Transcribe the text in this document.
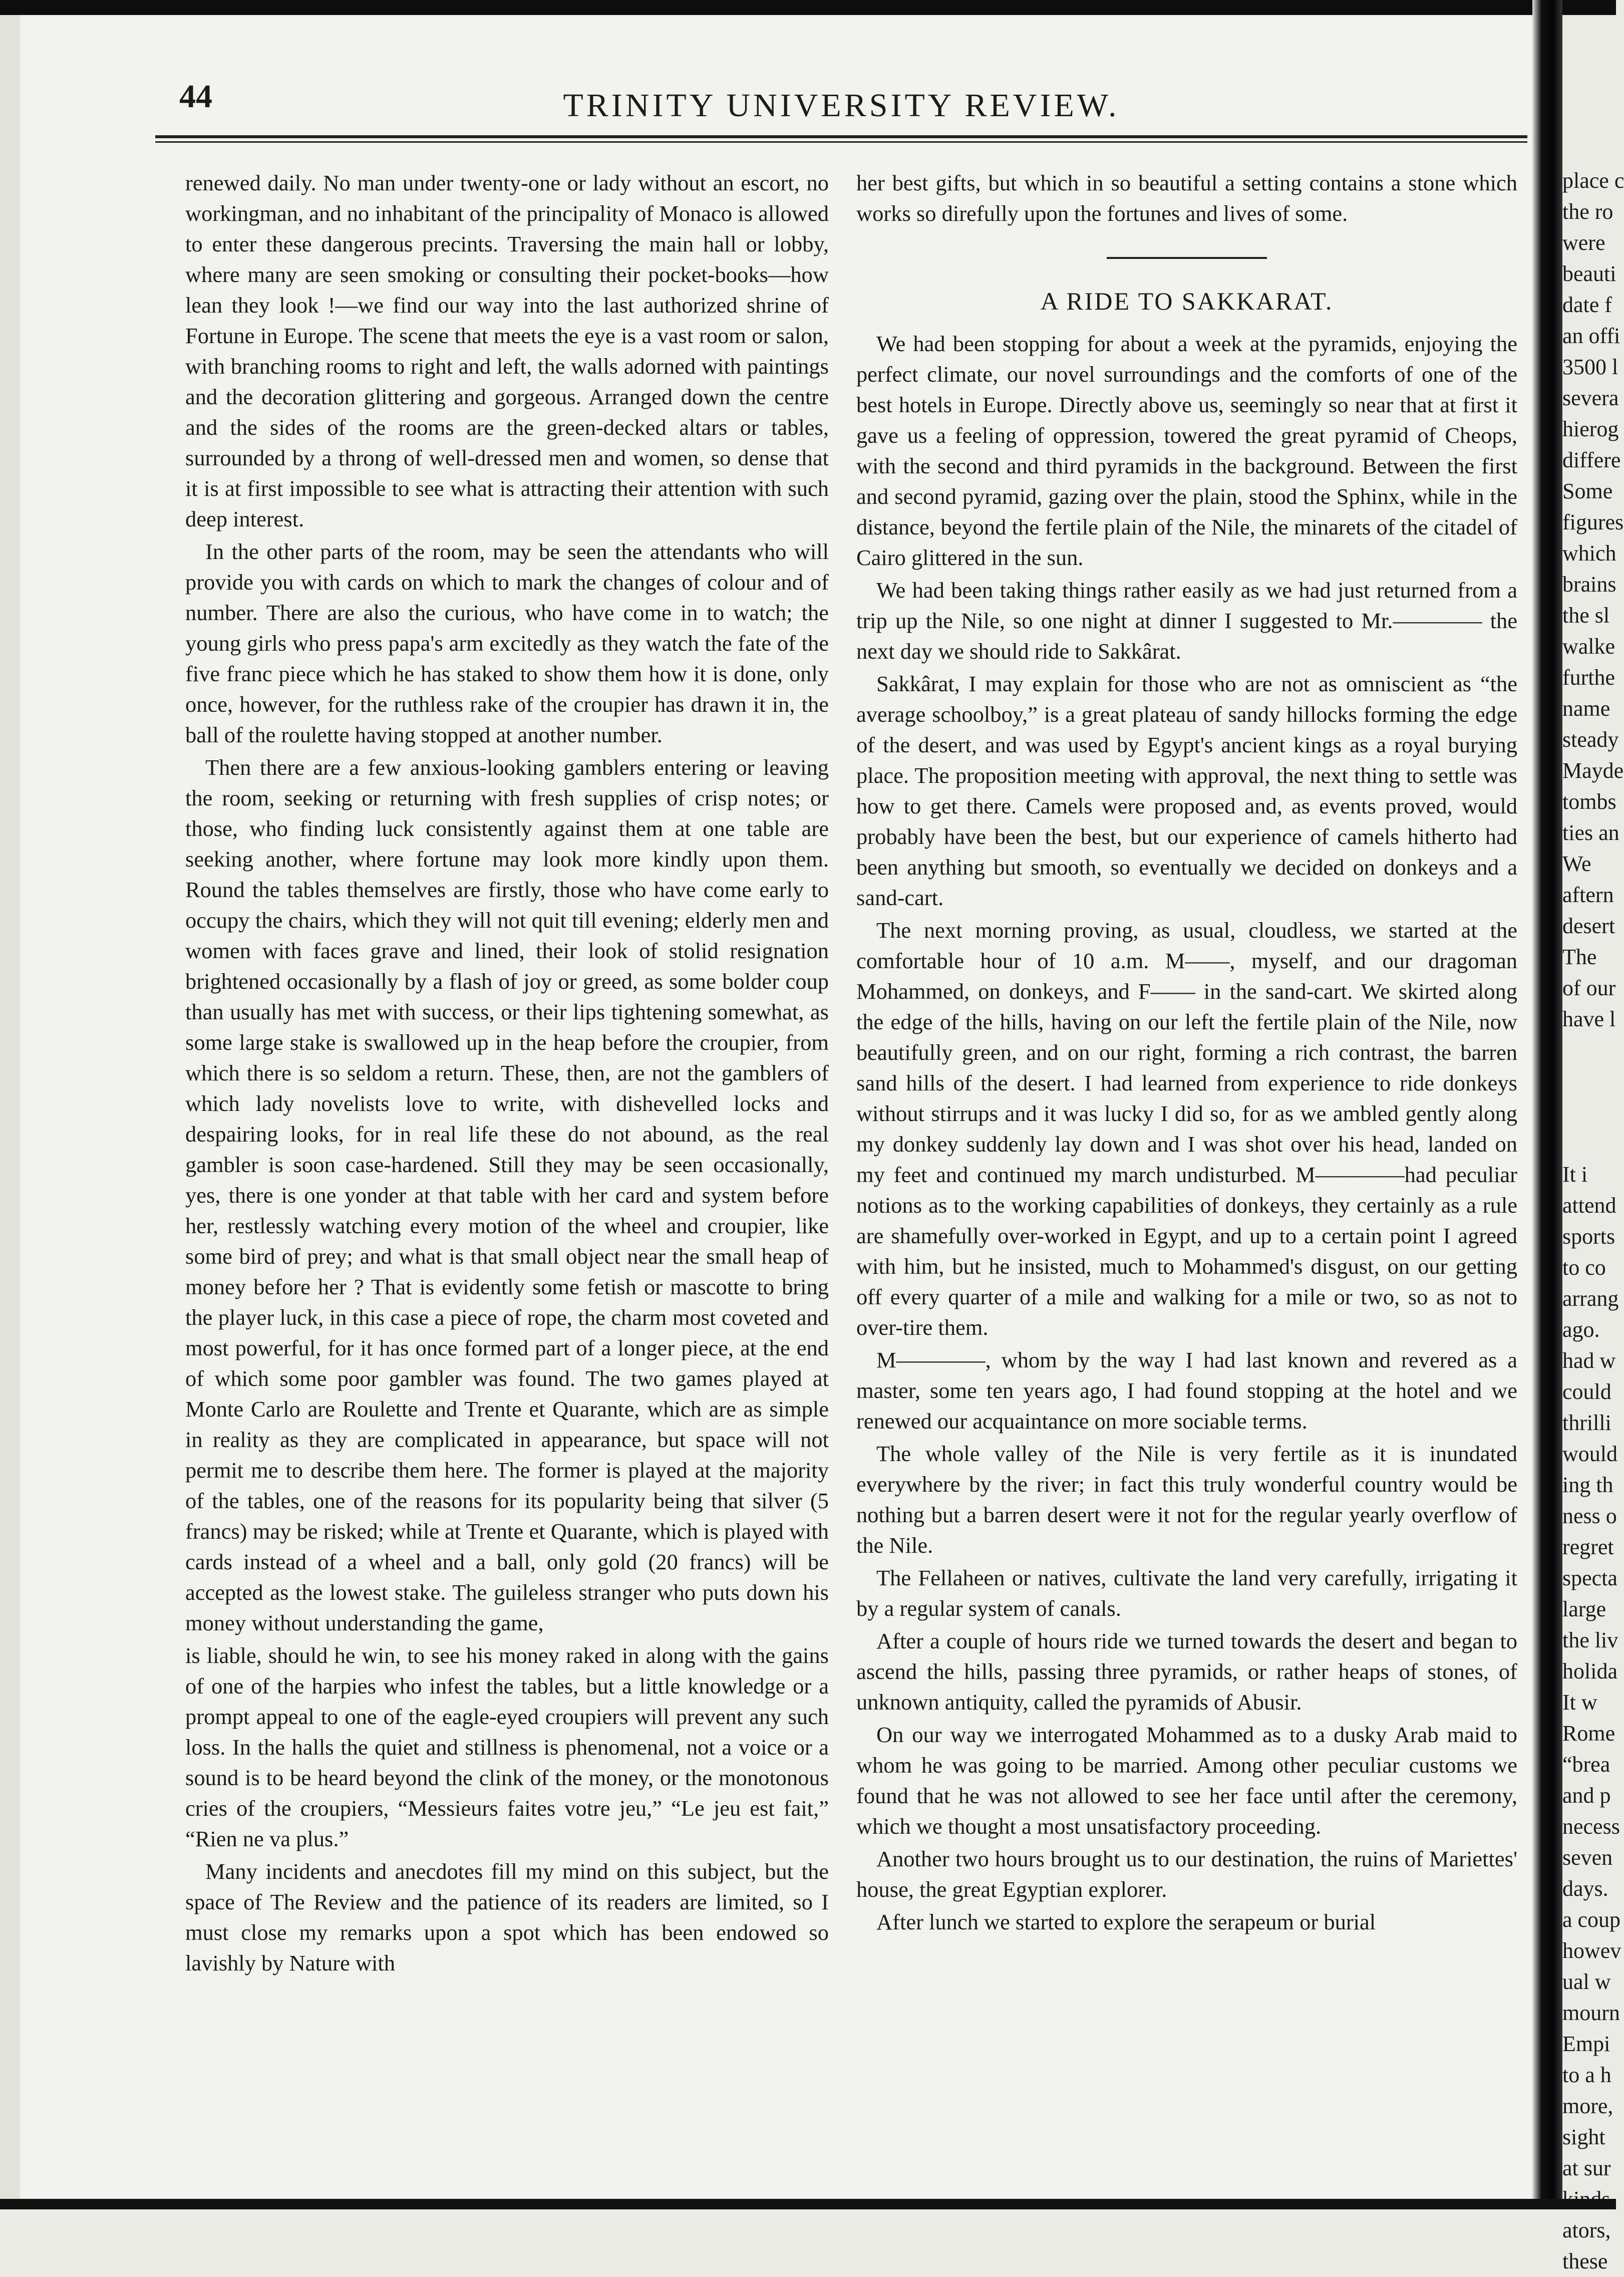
44	TRINITY UNIVERSITY REVIEW.

renewed daily. No man under twenty-one or lady without an escort, no workingman, and no inhabitant of the principality of Monaco is allowed to enter these dangerous precints. Traversing the main hall or lobby, where many are seen smoking or consulting their pocket-books—how lean they look !—we find our way into the last authorized shrine of Fortune in Europe. The scene that meets the eye is a vast room or salon, with branching rooms to right and left, the walls adorned with paintings and the decoration glittering and gorgeous. Arranged down the centre and the sides of the rooms are the green-decked altars or tables, surrounded by a throng of well-dressed men and women, so dense that it is at first impossible to see what is attracting their attention with such deep interest.

In the other parts of the room, may be seen the attendants who will provide you with cards on which to mark the changes of colour and of number. There are also the curious, who have come in to watch; the young girls who press papa's arm excitedly as they watch the fate of the five franc piece which he has staked to show them how it is done, only once, however, for the ruthless rake of the croupier has drawn it in, the ball of the roulette having stopped at another number.

Then there are a few anxious-looking gamblers entering or leaving the room, seeking or returning with fresh supplies of crisp notes; or those, who finding luck consistently against them at one table are seeking another, where fortune may look more kindly upon them. Round the tables themselves are firstly, those who have come early to occupy the chairs, which they will not quit till evening; elderly men and women with faces grave and lined, their look of stolid resignation brightened occasionally by a flash of joy or greed, as some bolder coup than usually has met with success, or their lips tightening somewhat, as some large stake is swallowed up in the heap before the croupier, from which there is so seldom a return. These, then, are not the gamblers of which lady novelists love to write, with dishevelled locks and despairing looks, for in real life these do not abound, as the real gambler is soon case-hardened. Still they may be seen occasionally, yes, there is one yonder at that table with her card and system before her, restlessly watching every motion of the wheel and croupier, like some bird of prey; and what is that small object near the small heap of money before her ? That is evidently some fetish or mascotte to bring the player luck, in this case a piece of rope, the charm most coveted and most powerful, for it has once formed part of a longer piece, at the end of which some poor gambler was found. The two games played at Monte Carlo are Roulette and Trente et Quarante, which are as simple in reality as they are complicated in appearance, but space will not permit me to describe them here. The former is played at the majority of the tables, one of the reasons for its popularity being that silver (5 francs) may be risked; while at Trente et Quarante, which is played with cards instead of a wheel and a ball, only gold (20 francs) will be accepted as the lowest stake. The guileless stranger who puts down his money without understanding the game,

is liable, should he win, to see his money raked in along with the gains of one of the harpies who infest the tables, but a little knowledge or a prompt appeal to one of the eagle-eyed croupiers will prevent any such loss. In the halls the quiet and stillness is phenomenal, not a voice or a sound is to be heard beyond the clink of the money, or the monotonous cries of the croupiers, “Messieurs faites votre jeu,” “Le jeu est fait,” “Rien ne va plus.”

Many incidents and anecdotes fill my mind on this subject, but the space of The Review and the patience of its readers are limited, so I must close my remarks upon a spot which has been endowed so lavishly by Nature with

her best gifts, but which in so beautiful a setting contains a stone which works so direfully upon the fortunes and lives of some.

A RIDE TO SAKKARAT.

We had been stopping for about a week at the pyramids, enjoying the perfect climate, our novel surroundings and the comforts of one of the best hotels in Europe. Directly above us, seemingly so near that at first it gave us a feeling of oppression, towered the great pyramid of Cheops, with the second and third pyramids in the background. Between the first and second pyramid, gazing over the plain, stood the Sphinx, while in the distance, beyond the fertile plain of the Nile, the minarets of the citadel of Cairo glittered in the sun.

We had been taking things rather easily as we had just returned from a trip up the Nile, so one night at dinner I suggested to Mr.———— the next day we should ride to Sakkârat.

Sakkârat, I may explain for those who are not as omniscient as “the average schoolboy,” is a great plateau of sandy hillocks forming the edge of the desert, and was used by Egypt's ancient kings as a royal burying place. The proposition meeting with approval, the next thing to settle was how to get there. Camels were proposed and, as events proved, would probably have been the best, but our experience of camels hitherto had been anything but smooth, so eventually we decided on donkeys and a sand-cart.

The next morning proving, as usual, cloudless, we started at the comfortable hour of 10 a.m. M——, myself, and our dragoman Mohammed, on donkeys, and F—— in the sand-cart. We skirted along the edge of the hills, having on our left the fertile plain of the Nile, now beautifully green, and on our right, forming a rich contrast, the barren sand hills of the desert. I had learned from experience to ride donkeys without stirrups and it was lucky I did so, for as we ambled gently along my donkey suddenly lay down and I was shot over his head, landed on my feet and continued my march undisturbed. M————had peculiar notions as to the working capabilities of donkeys, they certainly as a rule are shamefully over-worked in Egypt, and up to a certain point I agreed with him, but he insisted, much to Mohammed's disgust, on our getting off every quarter of a mile and walking for a mile or two, so as not to over-tire them.

M————, whom by the way I had last known and revered as a master, some ten years ago, I had found stopping at the hotel and we renewed our acquaintance on more sociable terms.

The whole valley of the Nile is very fertile as it is inundated everywhere by the river; in fact this truly wonderful country would be nothing but a barren desert were it not for the regular yearly overflow of the Nile.

The Fellaheen or natives, cultivate the land very carefully, irrigating it by a regular system of canals.

After a couple of hours ride we turned towards the desert and began to ascend the hills, passing three pyramids, or rather heaps of stones, of unknown antiquity, called the pyramids of Abusir.

On our way we interrogated Mohammed as to a dusky Arab maid to whom he was going to be married. Among other peculiar customs we found that he was not allowed to see her face until after the ceremony, which we thought a most unsatisfactory proceeding.

Another two hours brought us to our destination, the ruins of Mariettes' house, the great Egyptian explorer.

After lunch we started to explore the serapeum or burial

place c
the ro
were
beauti
date f
an offi
3500 l
severa
hierog
differe
Some
figures
which
brains
the sl
walke
furthe
name
steady
Mayde
tombs
ties an
We
aftern
desert
The
of our
have l
It i
attend
sports
to co
arrang
ago.
had w
could
thrilli
would
ing th
ness o
regret
specta
large
the liv
holida
It w
Rome
“brea
and p
necess
seven
days.
a coup
howev
ual w
mourn
Empi
to a h
more,
sight
at sur
ators,
these
